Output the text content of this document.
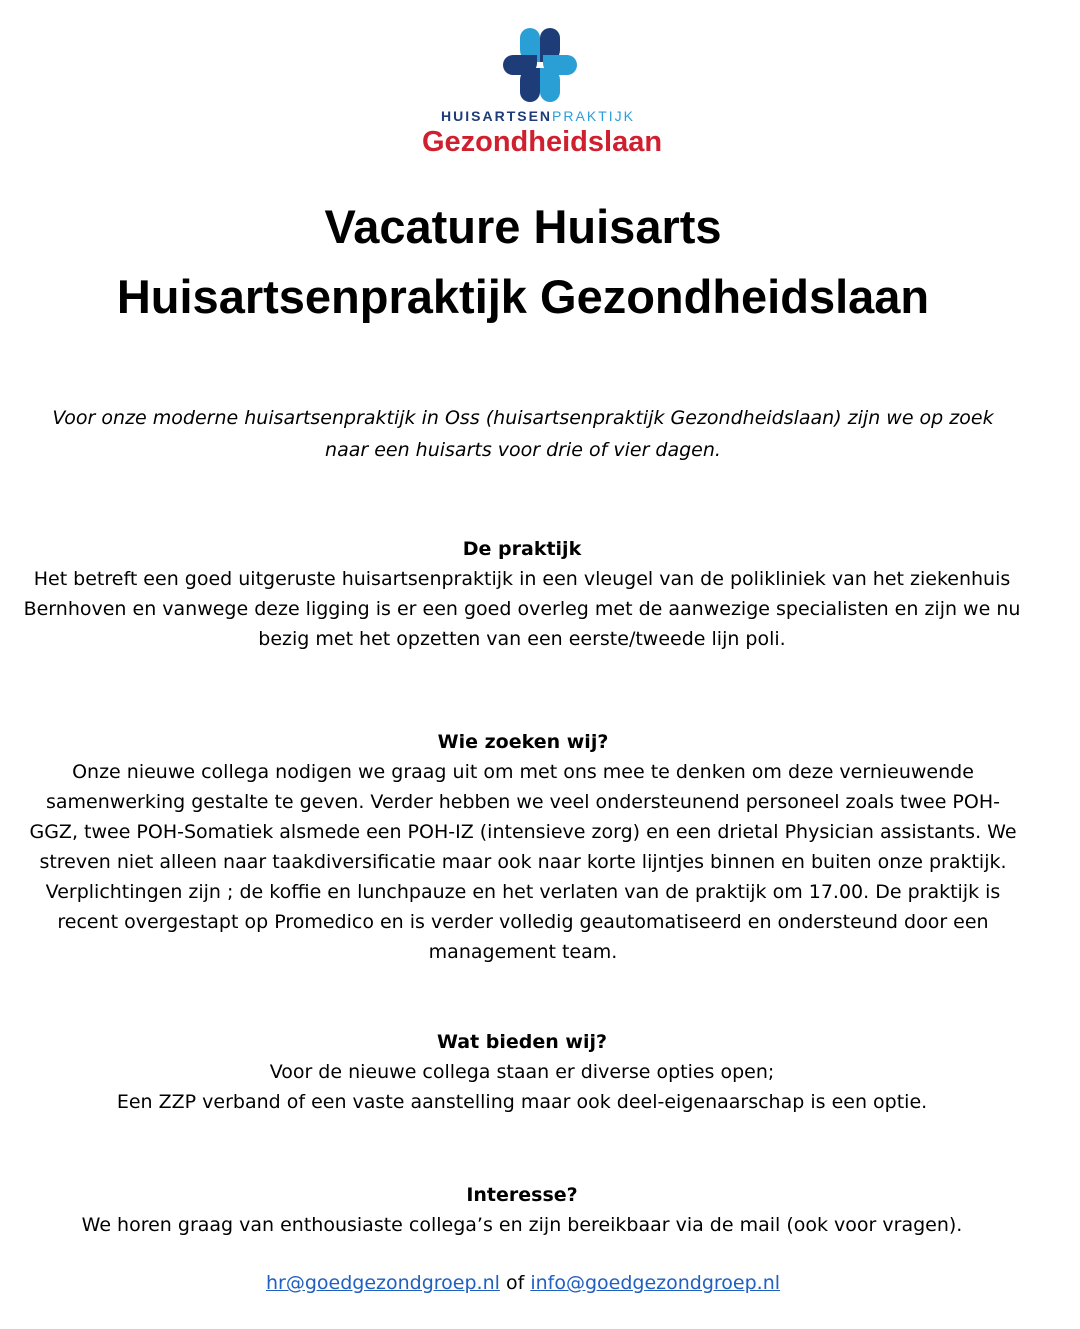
HUISARTSENPRAKTIJK
Gezondheidslaan
Vacature Huisarts
Huisartsenpraktijk Gezondheidslaan

Voor onze moderne huisartsenpraktijk in Oss (huisartsenpraktijk Gezondheidslaan) zijn we op zoek naar een huisarts voor drie of vier dagen.

De praktijk

Het betreft een goed uitgeruste huisartsenpraktijk in een vleugel van de polikliniek van het ziekenhuis Bernhoven en vanwege deze ligging is er een goed overleg met de aanwezige specialisten en zijn we nu bezig met het opzetten van een eerste/tweede lijn poli.

Wie zoeken wij?

Onze nieuwe collega nodigen we graag uit om met ons mee te denken om deze vernieuwende samenwerking gestalte te geven. Verder hebben we veel ondersteunend personeel zoals twee POH-GGZ, twee POH-Somatiek alsmede een POH-IZ (intensieve zorg) en een drietal Physician assistants. We streven niet alleen naar taakdiversificatie maar ook naar korte lijntjes binnen en buiten onze praktijk. Verplichtingen zijn ; de koffie en lunchpauze en het verlaten van de praktijk om 17.00. De praktijk is recent overgestapt op Promedico en is verder volledig geautomatiseerd en ondersteund door een management team.

Wat bieden wij?

Voor de nieuwe collega staan er diverse opties open;

Een ZZP verband of een vaste aanstelling maar ook deel-eigenaarschap is een optie.

Interesse?

We horen graag van enthousiaste collega’s en zijn bereikbaar via de mail (ook voor vragen).

hr@goedgezondgroep.nl of info@goedgezondgroep.nl
